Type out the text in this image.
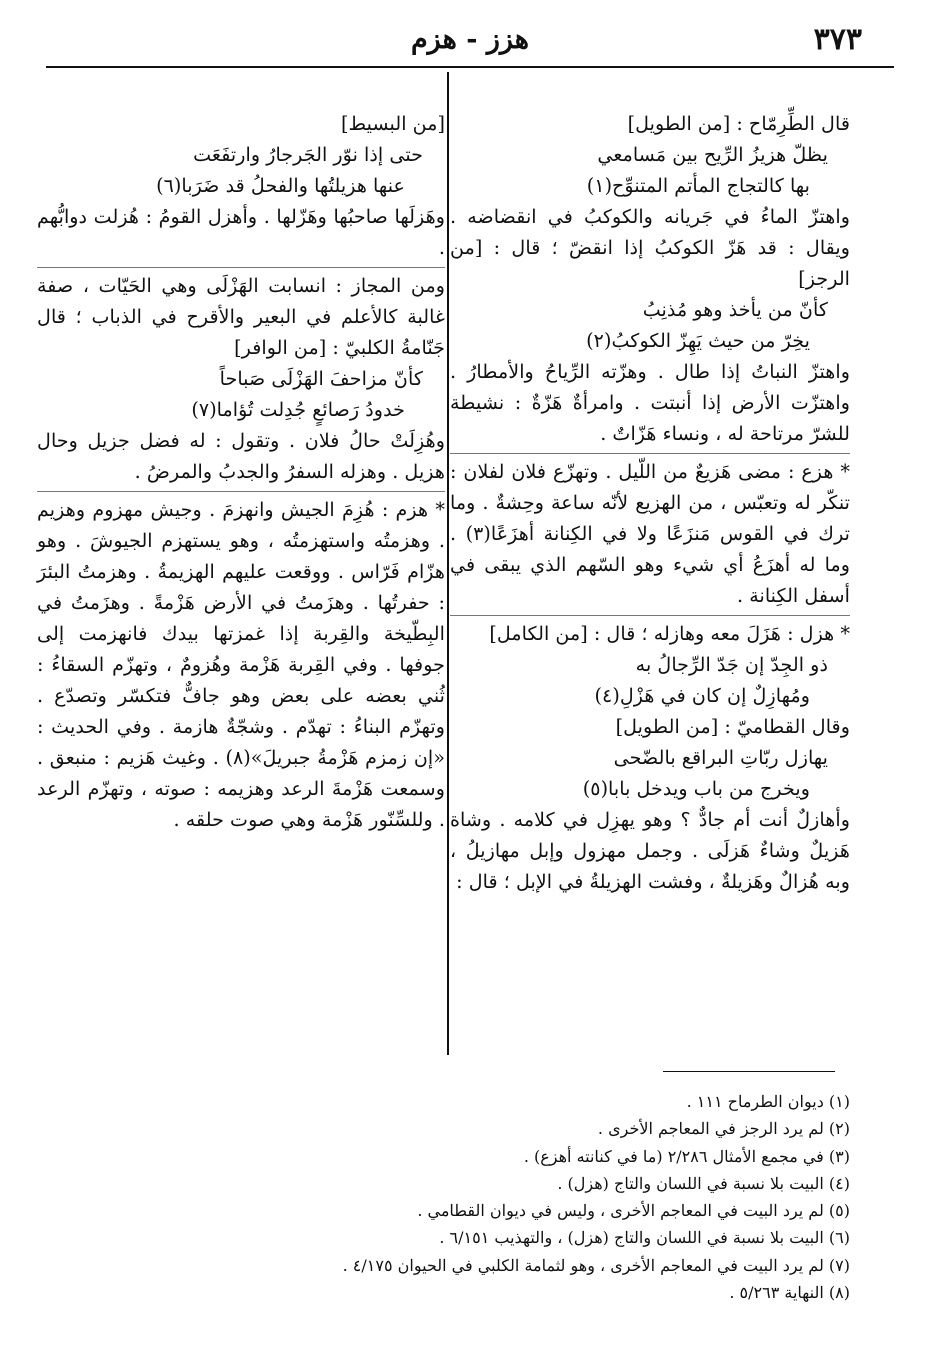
هزز - هزم	٣٧٣
قال الطِّرِمّاح : [من الطويل]
يظلّ هزيزُ الرِّيح بين مَسامعي
بها كالتجاج المأتم المتنوِّح(١)
واهتزّ الماءُ في جَريانه والكوكبُ في انقضاضه . ويقال : قد هَزّ الكوكبُ إذا انقضّ ؛ قال : [من الرجز]
كأنّ من يأخذ وهو مُذنِبُ
يخِرّ من حيث يَهِزّ الكوكبُ(٢)
واهتزّ النباتُ إذا طال . وهزّته الرِّياحُ والأمطارُ . واهتزّت الأرض إذا أنبتت . وامرأةٌ هَزّةٌ : نشيطة للشرّ مرتاحة له ، ونساء هَزّاتٌ .
* هزع : مضى هَزيعٌ من اللّيل . وتهزّع فلان لفلان : تنكّر له وتعبّس ، من الهزيع لأنّه ساعة وحِشةٌ . وما ترك في القوس مَنزَعًا ولا في الكِنانة أهزَعًا(٣) . وما له أهزَعُ أي شيء وهو السّهم الذي يبقى في أسفل الكِنانة .
* هزل : هَزَلَ معه وهازله ؛ قال : [من الكامل]
ذو الجِدّ إن جَدّ الرِّجالُ به
ومُهازِلٌ إن كان في هَزْلِ(٤)
وقال القطاميّ : [من الطويل]
يهازل ربّاتِ البراقع بالضّحى
ويخرج من باب ويدخل بابا(٥)
وأهازلٌ أنت أم جادٌّ ؟ وهو يهزِل في كلامه . وشاة هَزيلٌ وشاءٌ هَزلَى . وجمل مهزول وإبل مهازيلُ ، وبه هُزالٌ وهَزيلةٌ ، وفشت الهزيلةُ في الإبل ؛ قال :
[من البسيط]
حتى إذا نوّر الجَرجارُ وارتفَعَت
عنها هزيلتُها والفحلُ قد ضَرَبا(٦)
وهَزلَها صاحبُها وهَزّلها . وأهزل القومُ : هُزلت دوابُّهم .
ومن المجاز : انسابت الهَزْلَى وهي الحَيّات ، صفة غالبة كالأعلم في البعير والأقرح في الذباب ؛ قال جَنّامةُ الكلبيّ : [من الوافر]
كأنّ مزاحفَ الهَزْلَى صَباحاً
خدودُ رَصائعٍ جُدِلت تُؤاما(٧)
وهُزِلَتْ حالُ فلان . وتقول : له فضل جزيل وحال هزيل . وهزله السفرُ والجدبُ والمرضُ .
* هزم : هُزِمَ الجيش وانهزمَ . وجيش مهزوم وهزيم . وهزمتُه واستهزمتُه ، وهو يستهزم الجيوشَ . وهو هزّام فَرّاس . ووقعت عليهم الهزيمةُ . وهزمتُ البئرَ : حفرتُها . وهزَمتُ في الأرض هَزْمةً . وهزَمتُ في البِطّيخة والقِربة إذا غمزتها بيدك فانهزمت إلى جوفها . وفي القِربة هَزْمة وهُزومٌ ، وتهزّم السقاءُ : ثُني بعضه على بعض وهو جافٌّ فتكسّر وتصدّع . وتهزّم البناءُ : تهدّم . وشجّةٌ هازمة . وفي الحديث : «إن زمزم هَزْمةُ جبريلَ»(٨) . وغيث هَزيم : منبعق . وسمعت هَزْمةَ الرعد وهزيمه : صوته ، وتهزّم الرعد . وللسِّنّور هَزْمة وهي صوت حلقه .
(١) ديوان الطرماح ١١١ .
(٢) لم يرد الرجز في المعاجم الأخرى .
(٣) في مجمع الأمثال ٢/٢٨٦ (ما في كنانته أهزع) .
(٤) البيت بلا نسبة في اللسان والتاج (هزل) .
(٥) لم يرد البيت في المعاجم الأخرى ، وليس في ديوان القطامي .
(٦) البيت بلا نسبة في اللسان والتاج (هزل) ، والتهذيب ٦/١٥١ .
(٧) لم يرد البيت في المعاجم الأخرى ، وهو لثمامة الكلبي في الحيوان ٤/١٧٥ .
(٨) النهاية ٥/٢٦٣ .
